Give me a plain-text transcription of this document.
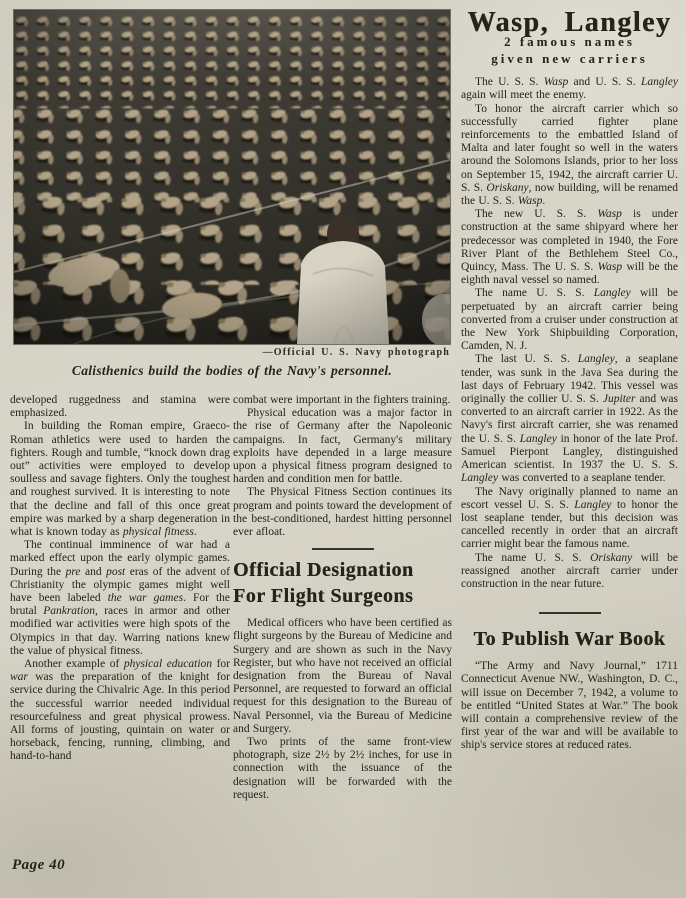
—Official U. S. Navy photograph
Calisthenics build the bodies of the Navy's personnel.

developed ruggedness and stamina were emphasized.

In building the Roman empire, Graeco-Roman athletics were used to harden the fighters. Rough and tumble, “knock down drag out” activities were employed to develop soulless and savage fighters. Only the toughest and roughest survived. It is interesting to note that the decline and fall of this once great empire was marked by a sharp degeneration in what is known today as physical fitness.

The continual imminence of war had a marked effect upon the early olympic games. During the pre and post eras of the advent of Christianity the olympic games might well have been labeled the war games. For the brutal Pankration, races in armor and other modified war activities were high spots of the Olympics in that day. Warring nations knew the value of physical fitness.

Another example of physical education for war was the preparation of the knight for service during the Chivalric Age. In this period the successful warrior needed individual resourcefulness and great physical prowess. All forms of jousting, quintain on water or horseback, fencing, running, climbing, and hand-to-hand

combat were important in the fighters training.

Physical education was a major factor in the rise of Germany after the Napoleonic campaigns. In fact, Germany's military exploits have depended in a large measure upon a physical fitness program designed to harden and condition men for battle.

The Physical Fitness Section continues its program and points toward the development of the best-conditioned, hardest hitting personnel ever afloat.

Official Designation
For Flight Surgeons

Medical officers who have been certified as flight surgeons by the Bureau of Medicine and Surgery and are shown as such in the Navy Register, but who have not received an official designation from the Bureau of Naval Personnel, are requested to forward an official request for this designation to the Bureau of Naval Personnel, via the Bureau of Medicine and Surgery.

Two prints of the same front-view photograph, size 2½ by 2½ inches, for use in connection with the issuance of the designation will be forwarded with the request.

Wasp, Langley
2 famous names
given new carriers

The U. S. S. Wasp and U. S. S. Langley again will meet the enemy.

To honor the aircraft carrier which so successfully carried fighter plane reinforcements to the embattled Island of Malta and later fought so well in the waters around the Solomons Islands, prior to her loss on September 15, 1942, the aircraft carrier U. S. S. Oriskany, now building, will be renamed the U. S. S. Wasp.

The new U. S. S. Wasp is under construction at the same shipyard where her predecessor was completed in 1940, the Fore River Plant of the Bethlehem Steel Co., Quincy, Mass. The U. S. S. Wasp will be the eighth naval vessel so named.

The name U. S. S. Langley will be perpetuated by an aircraft carrier being converted from a cruiser under construction at the New York Shipbuilding Corporation, Camden, N. J.

The last U. S. S. Langley, a seaplane tender, was sunk in the Java Sea during the last days of February 1942. This vessel was originally the collier U. S. S. Jupiter and was converted to an aircraft carrier in 1922. As the Navy's first aircraft carrier, she was renamed the U. S. S. Langley in honor of the late Prof. Samuel Pierpont Langley, distinguished American scientist. In 1937 the U. S. S. Langley was converted to a seaplane tender.

The Navy originally planned to name an escort vessel U. S. S. Langley to honor the lost seaplane tender, but this decision was cancelled recently in order that an aircraft carrier might bear the famous name.

The name U. S. S. Oriskany will be reassigned another aircraft carrier under construction in the near future.

To Publish War Book

“The Army and Navy Journal,” 1711 Connecticut Avenue NW., Washington, D. C., will issue on December 7, 1942, a volume to be entitled “United States at War.” The book will contain a comprehensive review of the first year of the war and will be available to ship's service stores at reduced rates.

Page 40
